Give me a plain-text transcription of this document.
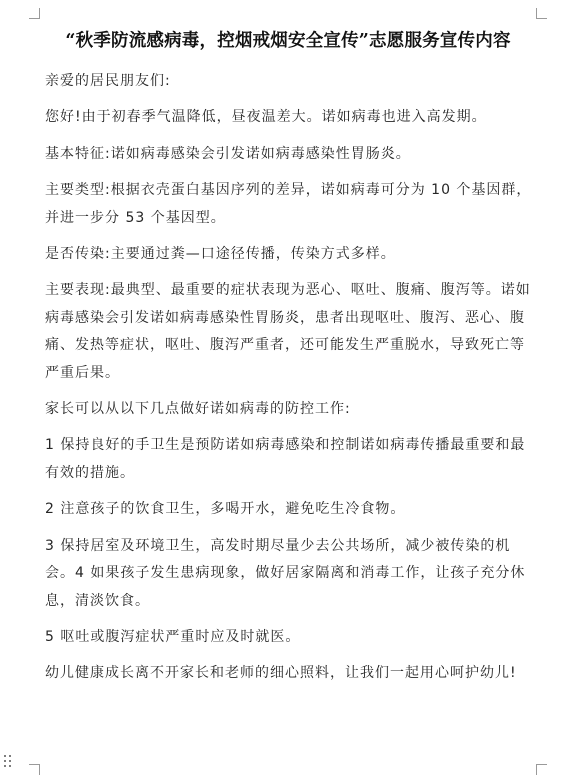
“秋季防流感病毒，控烟戒烟安全宣传”志愿服务宣传内容

亲爱的居民朋友们:

您好!由于初春季气温降低，昼夜温差大。诺如病毒也进入高发期。

基本特征:诺如病毒感染会引发诺如病毒感染性胃肠炎。

主要类型:根据衣壳蛋白基因序列的差异，诺如病毒可分为 10 个基因群，并进一步分 53 个基因型。

是否传染:主要通过粪—口途径传播，传染方式多样。

主要表现:最典型、最重要的症状表现为恶心、呕吐、腹痛、腹泻等。诺如病毒感染会引发诺如病毒感染性胃肠炎，患者出现呕吐、腹泻、恶心、腹痛、发热等症状，呕吐、腹泻严重者，还可能发生严重脱水，导致死亡等严重后果。

家长可以从以下几点做好诺如病毒的防控工作:

1 保持良好的手卫生是预防诺如病毒感染和控制诺如病毒传播最重要和最有效的措施。

2 注意孩子的饮食卫生，多喝开水，避免吃生冷食物。

3 保持居室及环境卫生，高发时期尽量少去公共场所，减少被传染的机会。4 如果孩子发生患病现象，做好居家隔离和消毒工作，让孩子充分休息，清淡饮食。

5 呕吐或腹泻症状严重时应及时就医。

幼儿健康成长离不开家长和老师的细心照料，让我们一起用心呵护幼儿!
